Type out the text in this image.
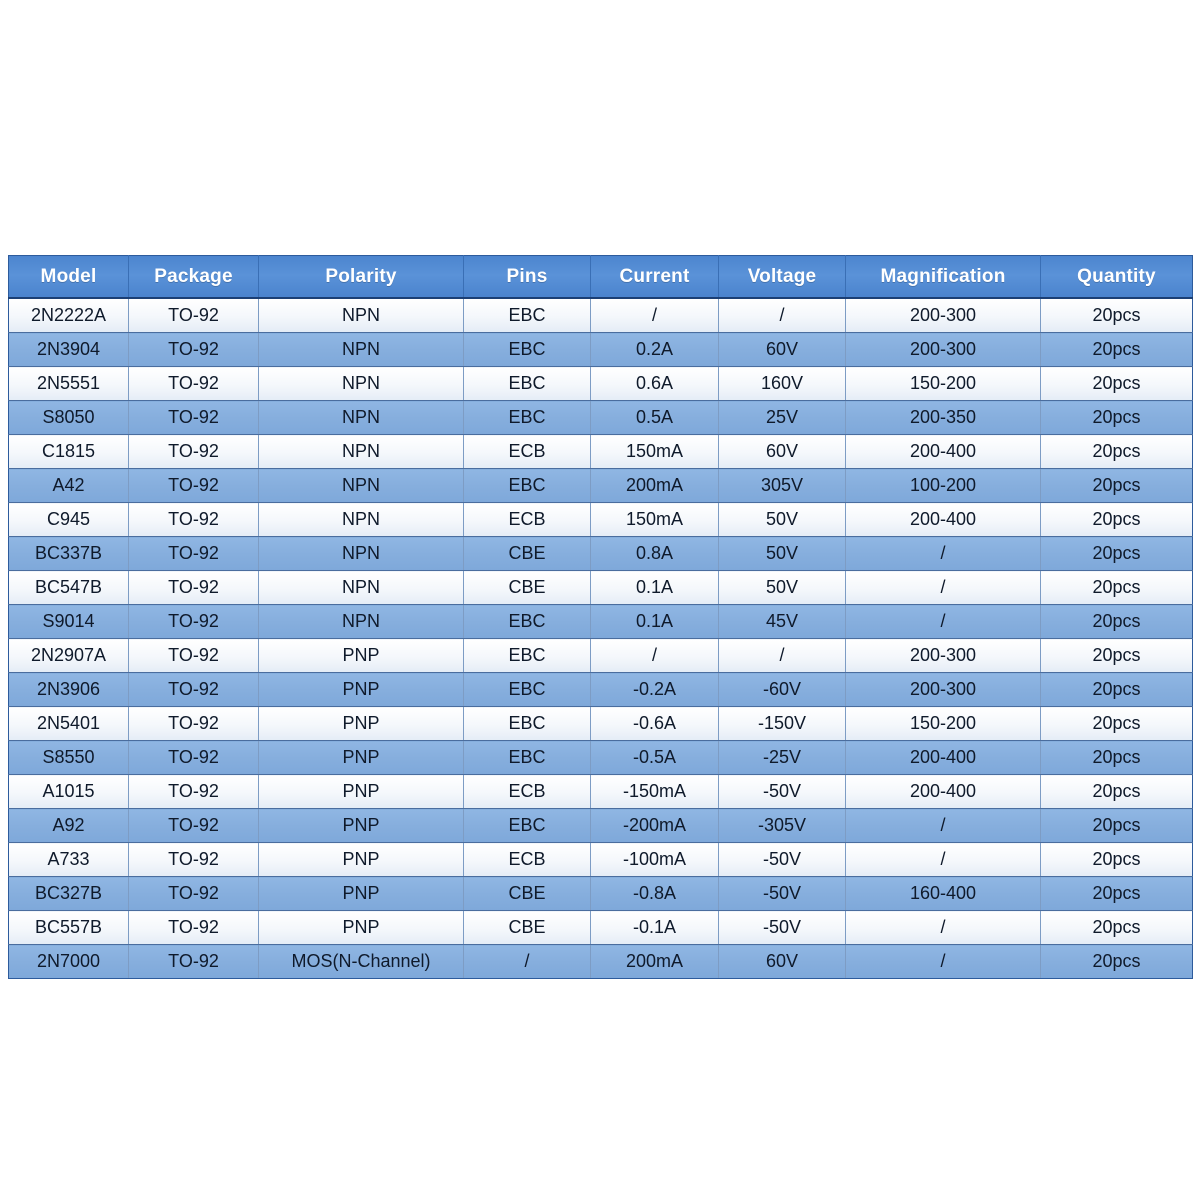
Model	Package	Polarity	Pins	Current	Voltage	Magnification	Quantity
2N2222A	TO-92	NPN	EBC	/	/	200-300	20pcs
2N3904	TO-92	NPN	EBC	0.2A	60V	200-300	20pcs
2N5551	TO-92	NPN	EBC	0.6A	160V	150-200	20pcs
S8050	TO-92	NPN	EBC	0.5A	25V	200-350	20pcs
C1815	TO-92	NPN	ECB	150mA	60V	200-400	20pcs
A42	TO-92	NPN	EBC	200mA	305V	100-200	20pcs
C945	TO-92	NPN	ECB	150mA	50V	200-400	20pcs
BC337B	TO-92	NPN	CBE	0.8A	50V	/	20pcs
BC547B	TO-92	NPN	CBE	0.1A	50V	/	20pcs
S9014	TO-92	NPN	EBC	0.1A	45V	/	20pcs
2N2907A	TO-92	PNP	EBC	/	/	200-300	20pcs
2N3906	TO-92	PNP	EBC	-0.2A	-60V	200-300	20pcs
2N5401	TO-92	PNP	EBC	-0.6A	-150V	150-200	20pcs
S8550	TO-92	PNP	EBC	-0.5A	-25V	200-400	20pcs
A1015	TO-92	PNP	ECB	-150mA	-50V	200-400	20pcs
A92	TO-92	PNP	EBC	-200mA	-305V	/	20pcs
A733	TO-92	PNP	ECB	-100mA	-50V	/	20pcs
BC327B	TO-92	PNP	CBE	-0.8A	-50V	160-400	20pcs
BC557B	TO-92	PNP	CBE	-0.1A	-50V	/	20pcs
2N7000	TO-92	MOS(N-Channel)	/	200mA	60V	/	20pcs
